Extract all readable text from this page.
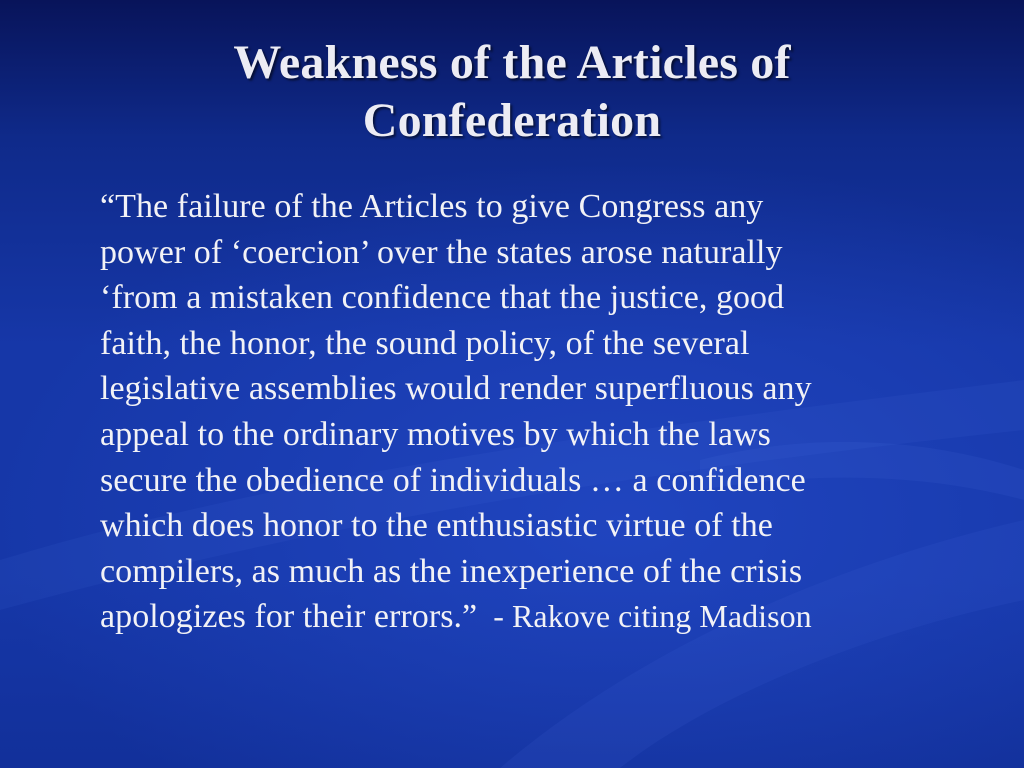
Weakness of the Articles of
Confederation

“The failure of the Articles to give Congress any
power of ‘coercion’ over the states arose naturally
‘from a mistaken confidence that the justice, good
faith, the honor, the sound policy, of the several
legislative assemblies would render superfluous any
appeal to the ordinary motives by which the laws
secure the obedience of individuals … a confidence
which does honor to the enthusiastic virtue of the
compilers, as much as the inexperience of the crisis
apologizes for their errors.”  - Rakove citing Madison
